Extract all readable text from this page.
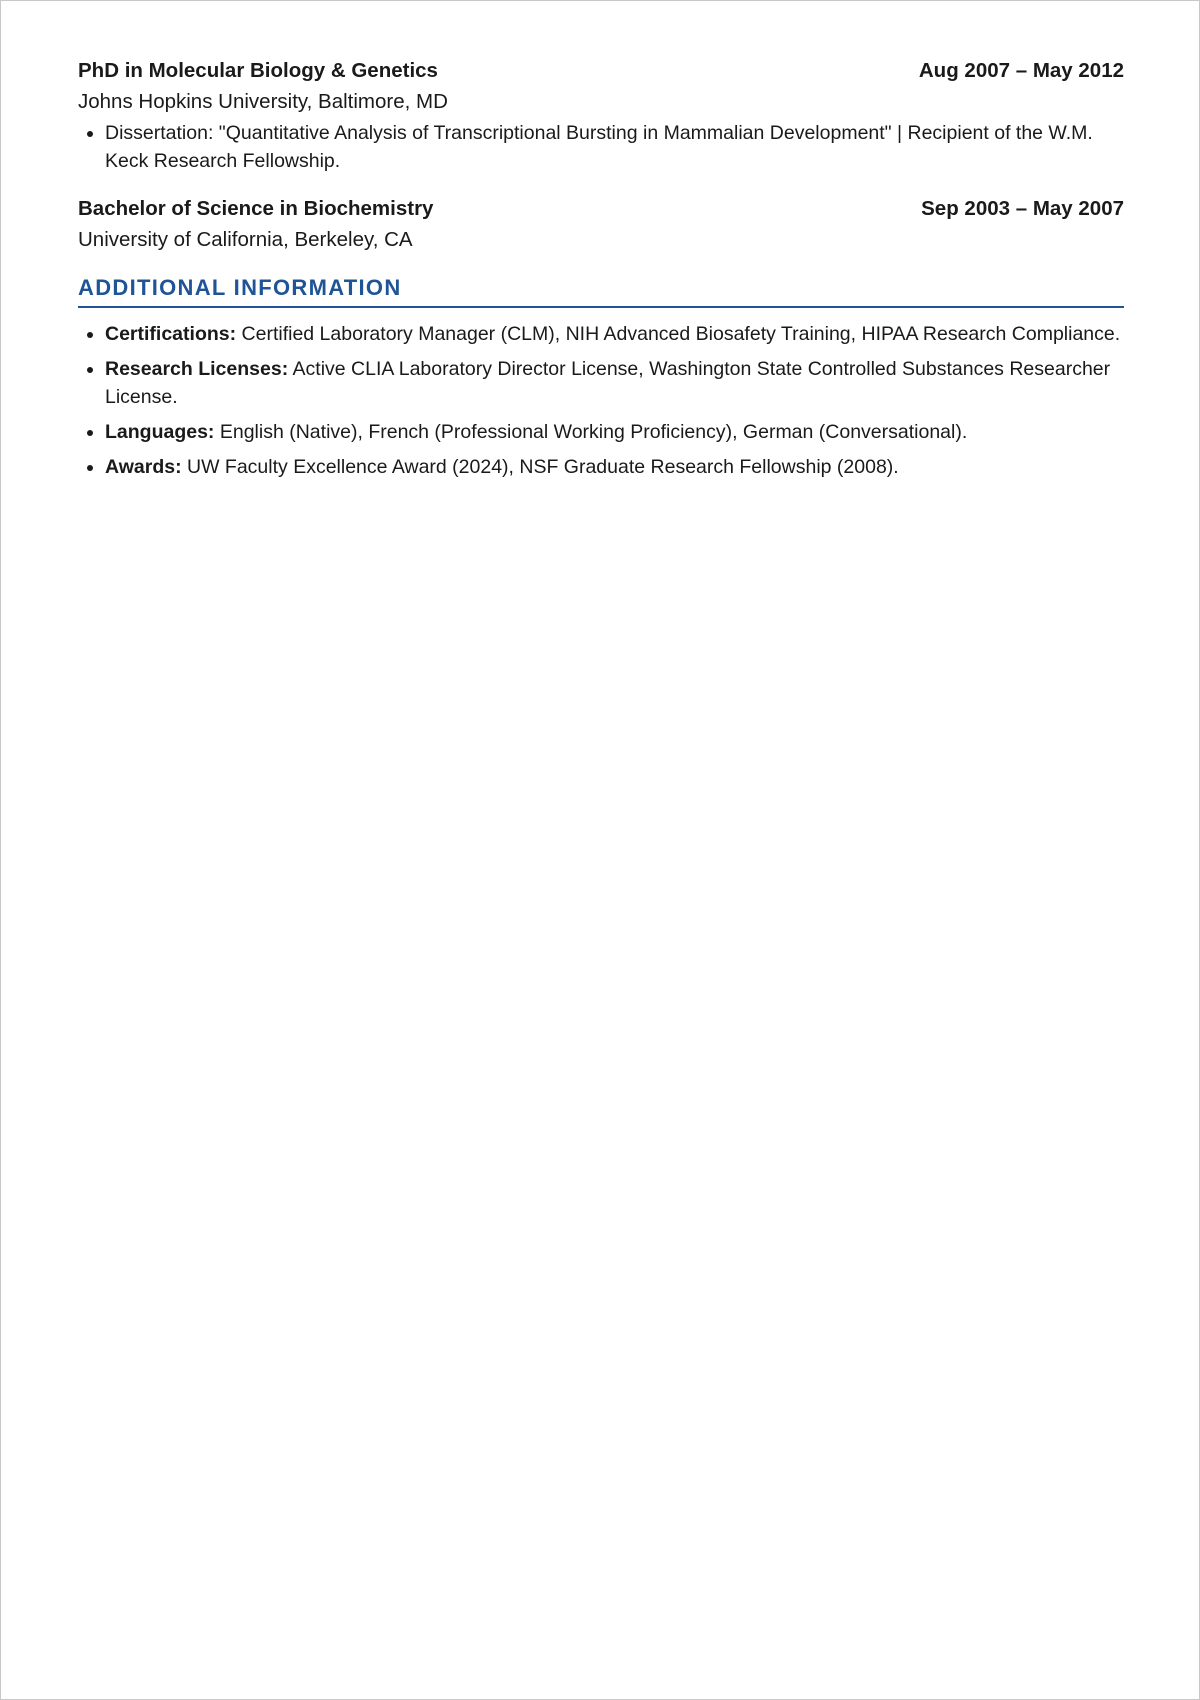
PhD in Molecular Biology & Genetics	Aug 2007 – May 2012
Johns Hopkins University, Baltimore, MD
• Dissertation: "Quantitative Analysis of Transcriptional Bursting in Mammalian Development" | Recipient of the W.M. Keck Research Fellowship.
Bachelor of Science in Biochemistry	Sep 2003 – May 2007
University of California, Berkeley, CA
ADDITIONAL INFORMATION
• Certifications: Certified Laboratory Manager (CLM), NIH Advanced Biosafety Training, HIPAA Research Compliance.
• Research Licenses: Active CLIA Laboratory Director License, Washington State Controlled Substances Researcher License.
• Languages: English (Native), French (Professional Working Proficiency), German (Conversational).
• Awards: UW Faculty Excellence Award (2024), NSF Graduate Research Fellowship (2008).
